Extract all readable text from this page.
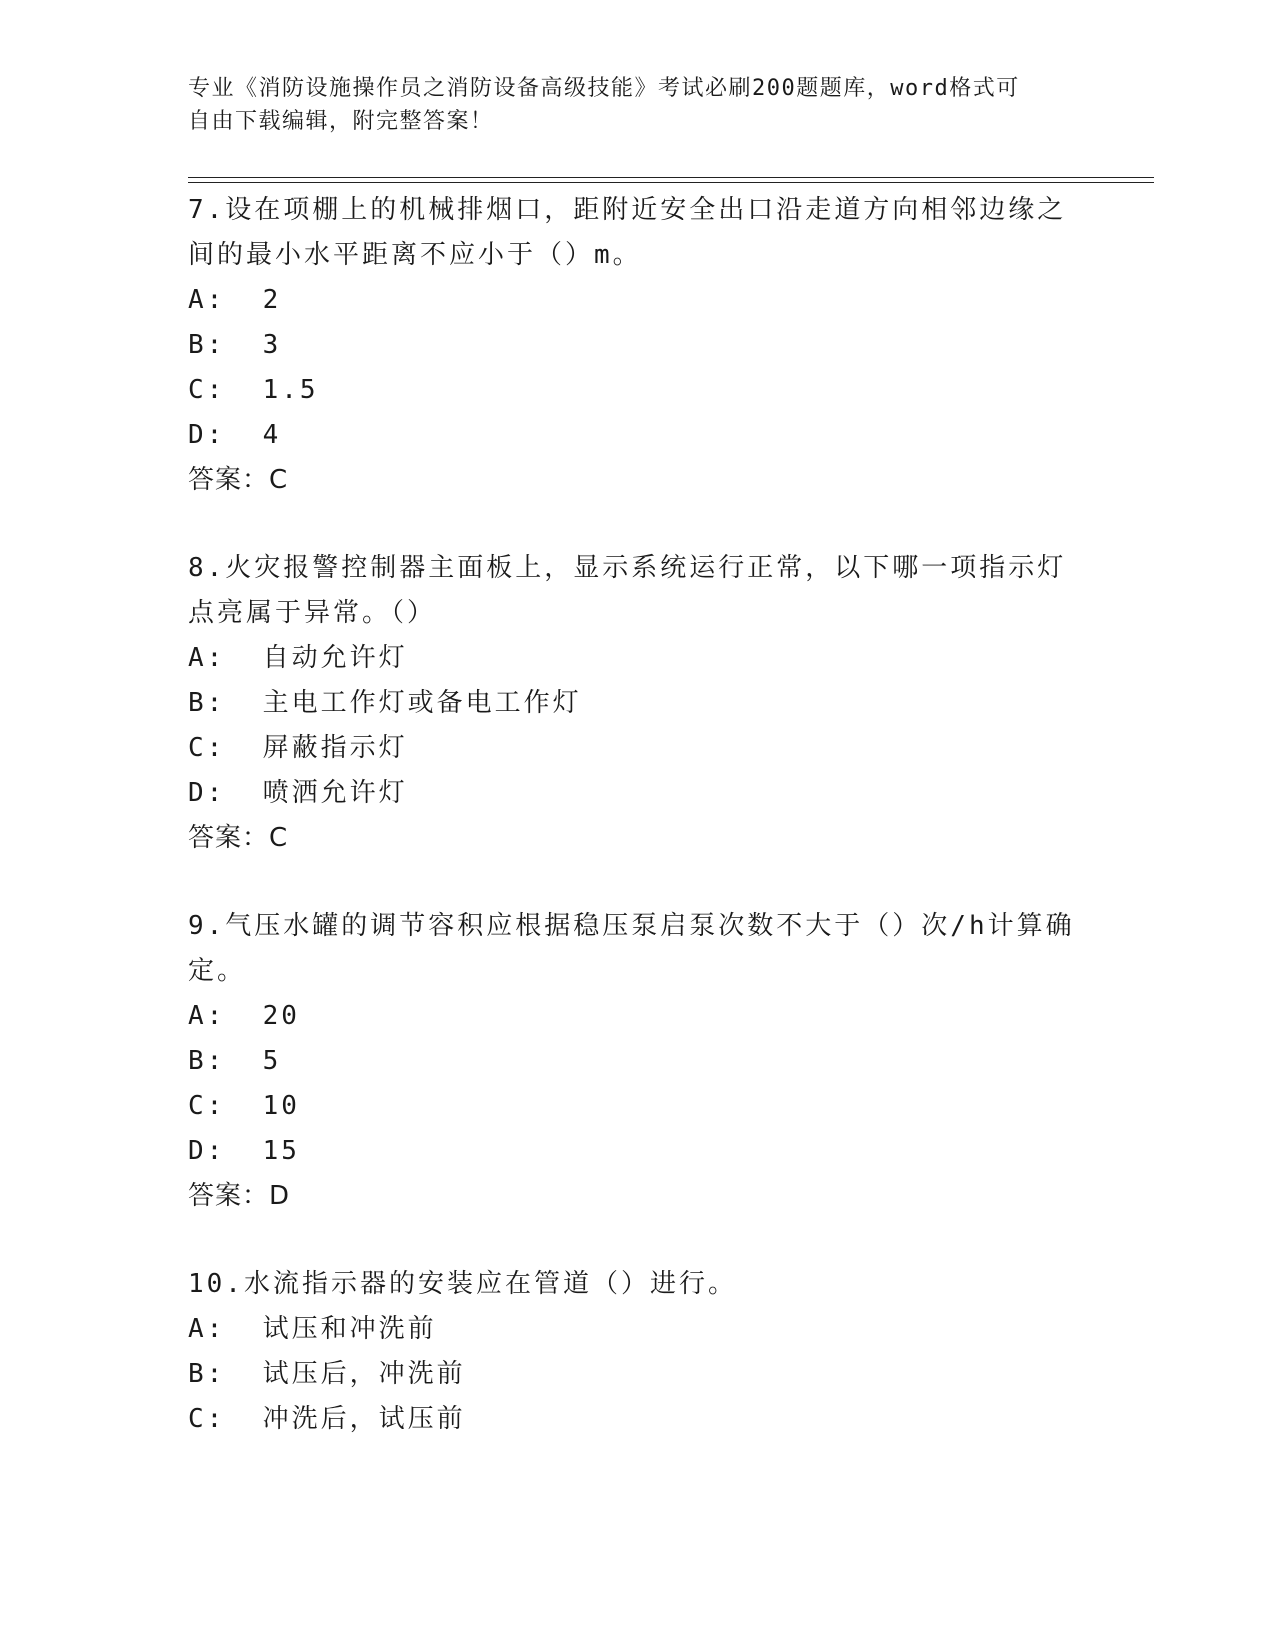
专业《消防设施操作员之消防设备高级技能》考试必刷200题题库，word格式可
自由下载编辑，附完整答案！

7.设在项棚上的机械排烟口，距附近安全出口沿走道方向相邻边缘之

间的最小水平距离不应小于（）m。

A:  2

B:  3

C:  1.5

D:  4

答案：C

8.火灾报警控制器主面板上，显示系统运行正常，以下哪一项指示灯

点亮属于异常。（）

A:  自动允许灯

B:  主电工作灯或备电工作灯

C:  屏蔽指示灯

D:  喷洒允许灯

答案：C

9.气压水罐的调节容积应根据稳压泵启泵次数不大于（）次/h计算确

定。

A:  20

B:  5

C:  10

D:  15

答案：D

10.水流指示器的安装应在管道（）进行。

A:  试压和冲洗前

B:  试压后，冲洗前

C:  冲洗后，试压前
